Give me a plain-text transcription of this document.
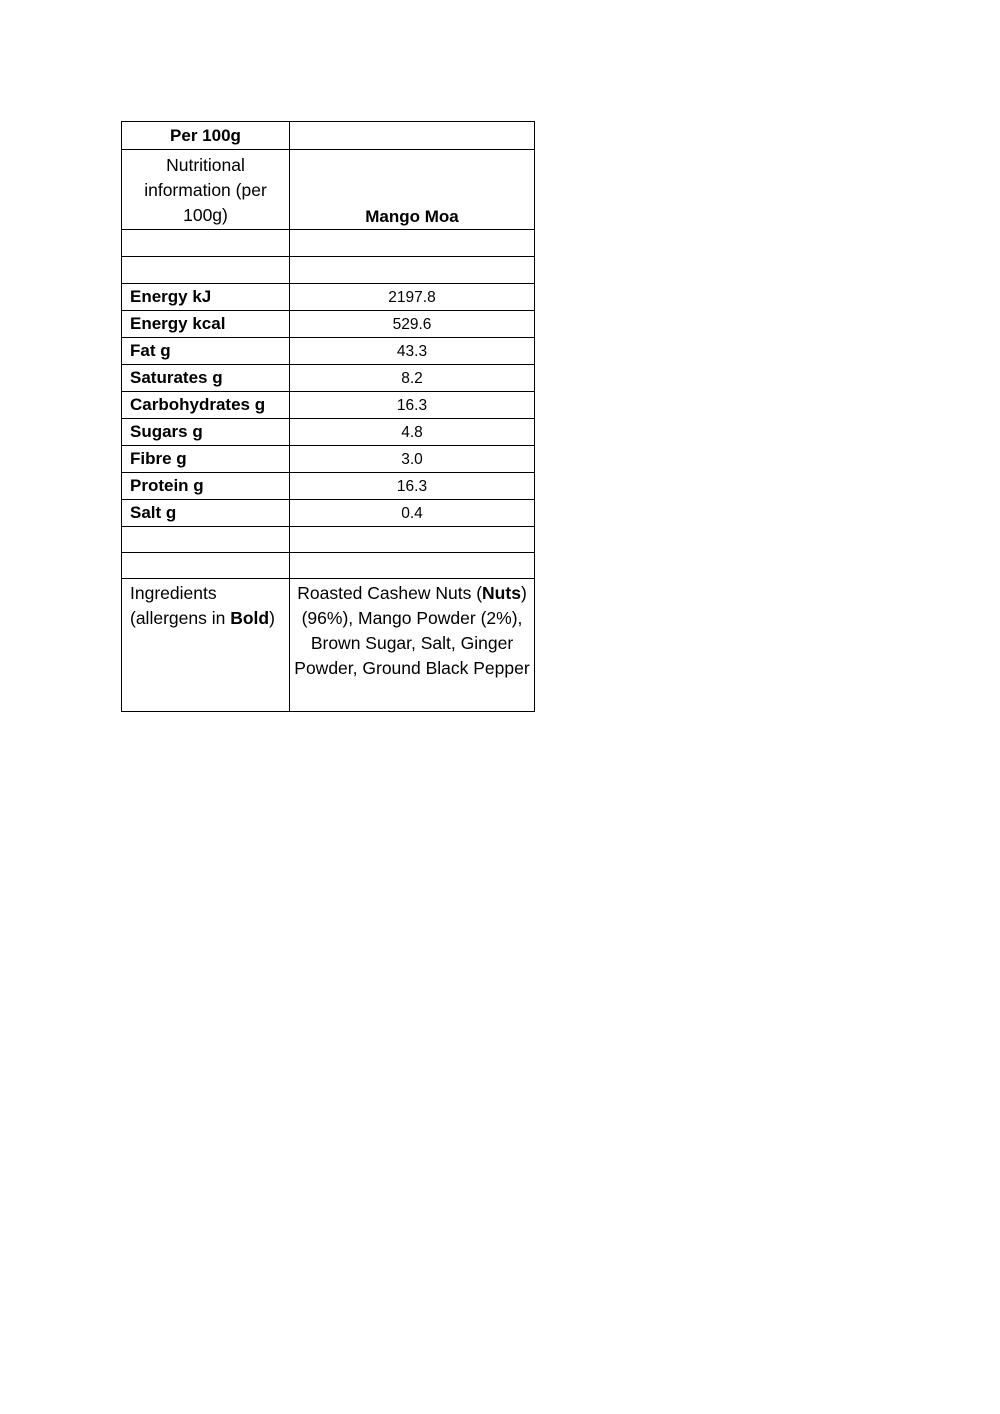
Per 100g	

Nutritional information (per 100g)	Mango Moa

Energy kJ	2197.8

Energy kcal	529.6

Fat g	43.3

Saturates g	8.2

Carbohydrates g	16.3

Sugars g	4.8

Fibre g	3.0

Protein g	16.3

Salt g	0.4

Ingredients (allergens in Bold)	Roasted Cashew Nuts (Nuts) (96%), Mango Powder (2%), Brown Sugar, Salt, Ginger Powder, Ground Black Pepper
